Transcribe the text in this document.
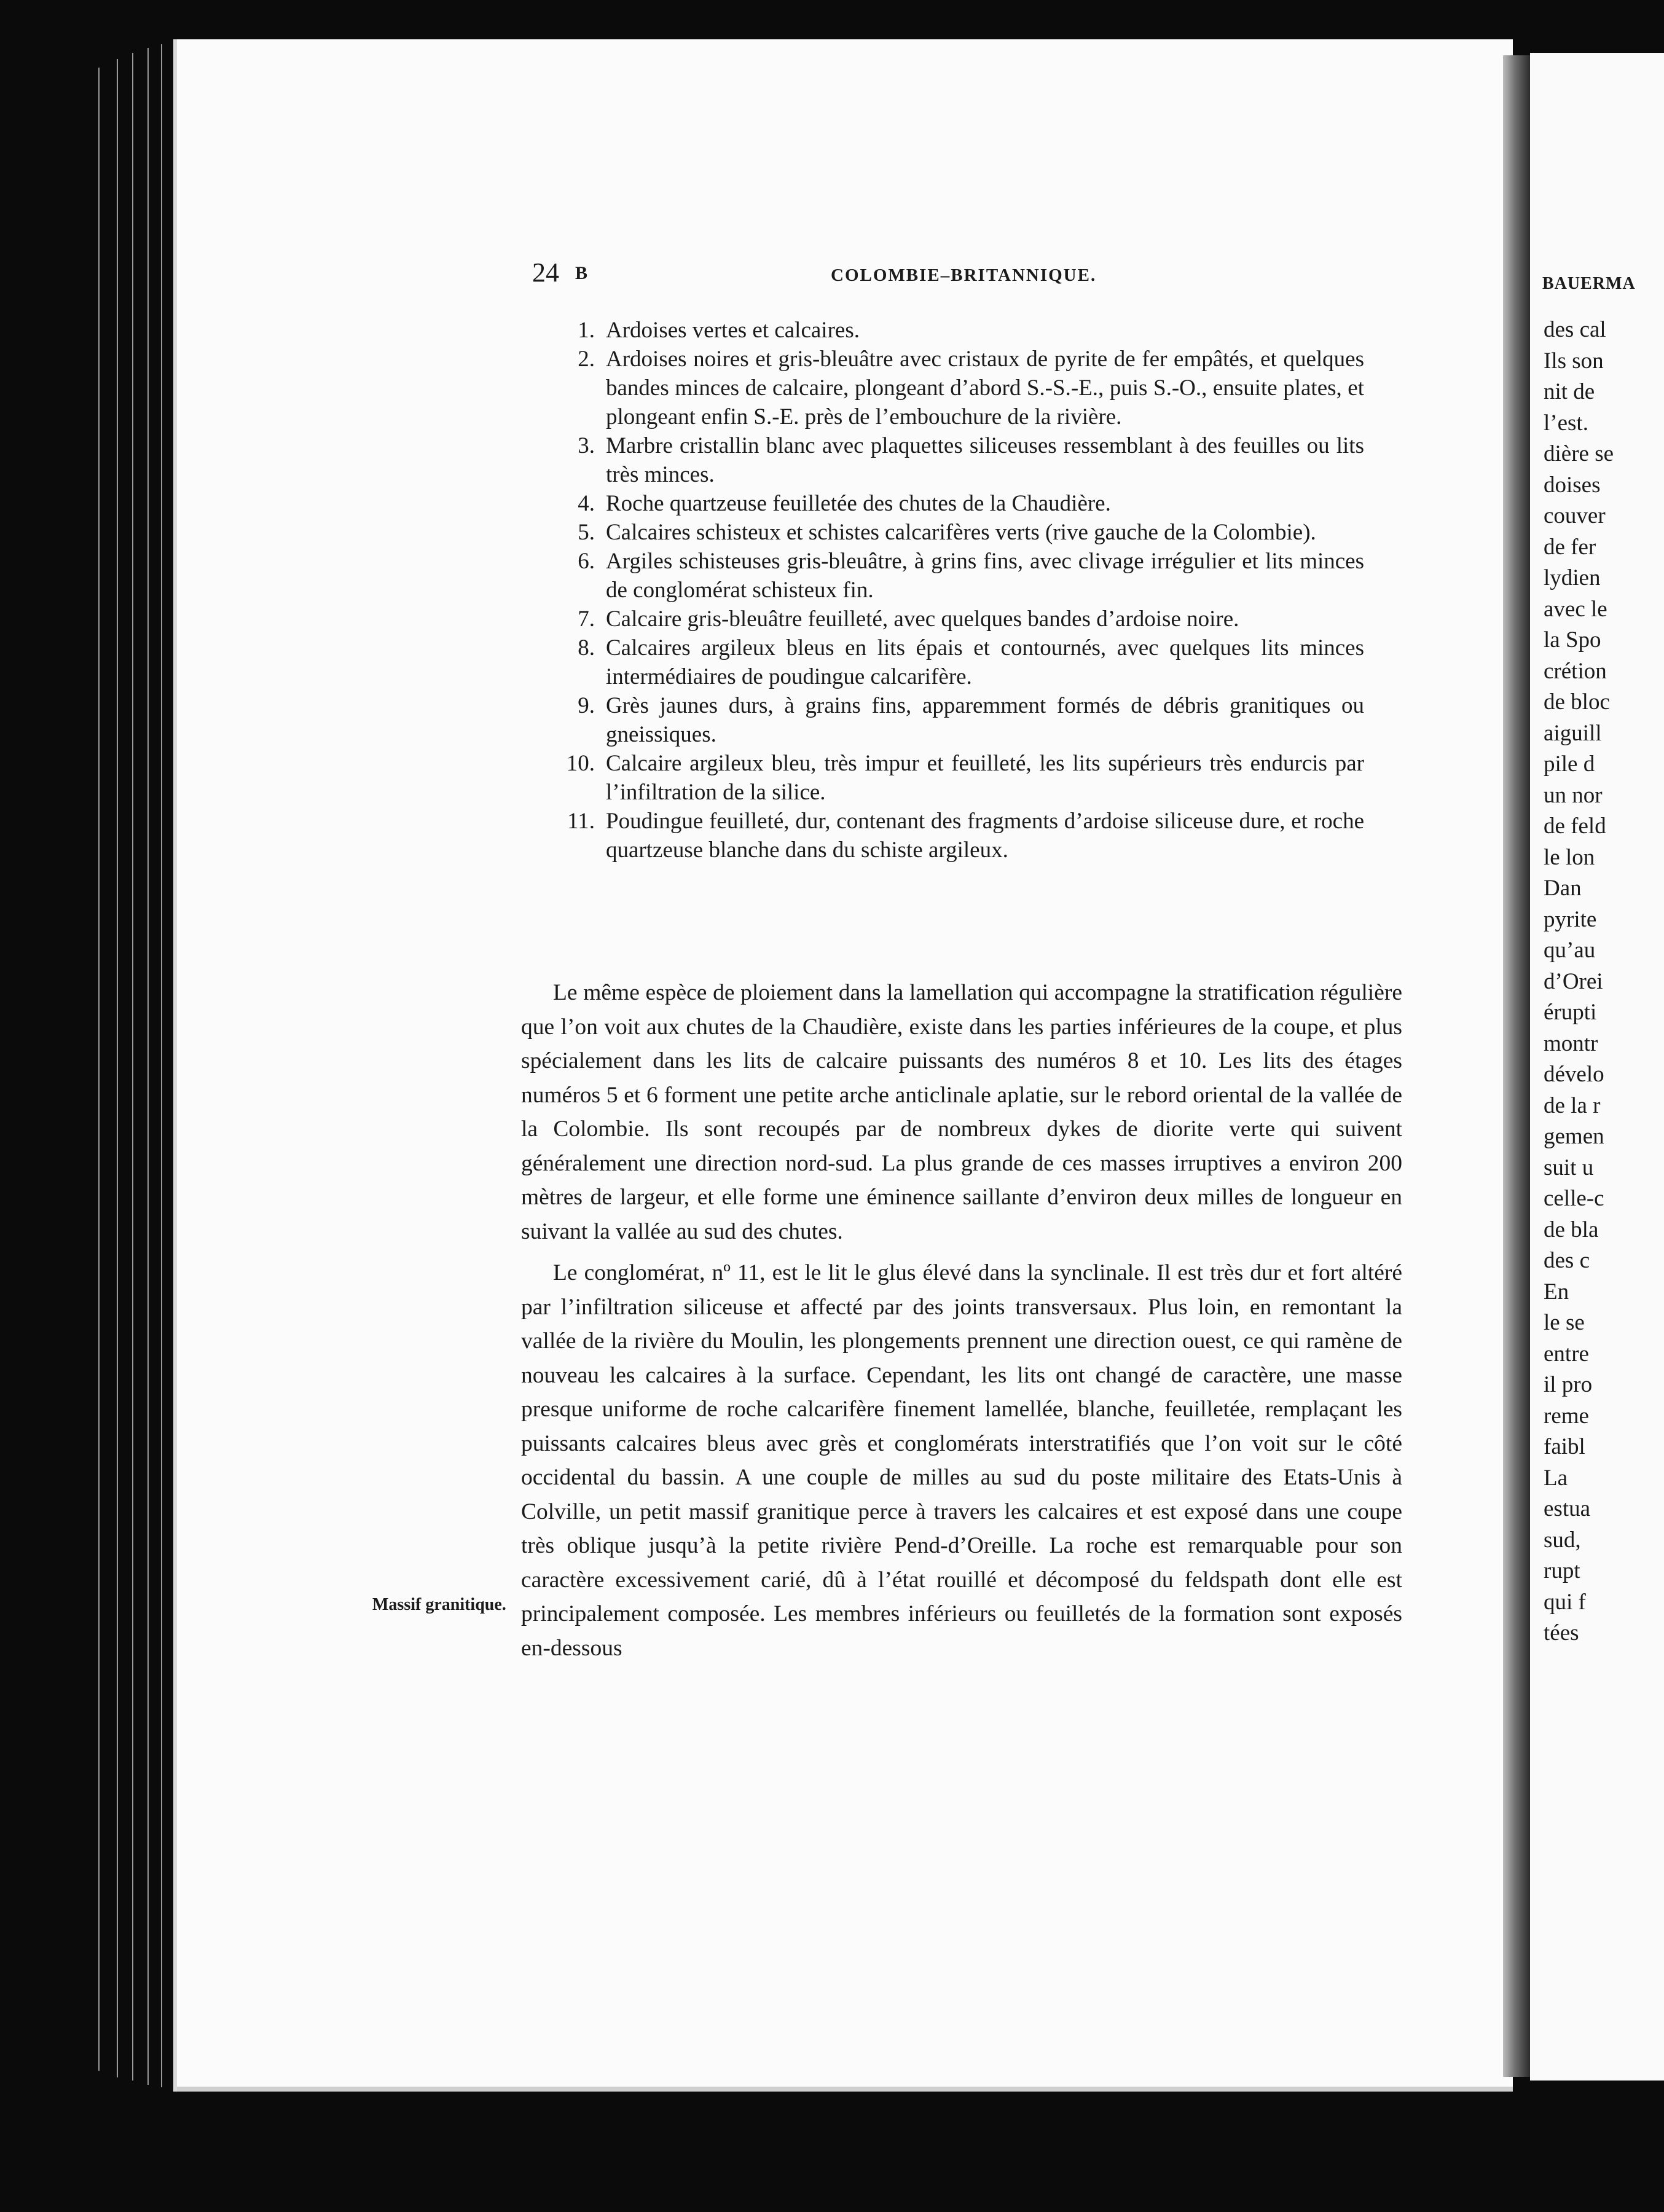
24 B	COLOMBIE–BRITANNIQUE.
1. Ardoises vertes et calcaires.
2. Ardoises noires et gris-bleuâtre avec cristaux de pyrite de fer empâtés, et quelques bandes minces de calcaire, plongeant d’abord S.-S.-E., puis S.-O., ensuite plates, et plongeant enfin S.-E. près de l’embouchure de la rivière.
3. Marbre cristallin blanc avec plaquettes siliceuses ressemblant à des feuilles ou lits très minces.
4. Roche quartzeuse feuilletée des chutes de la Chaudière.
5. Calcaires schisteux et schistes calcarifères verts (rive gauche de la Colombie).
6. Argiles schisteuses gris-bleuâtre, à grins fins, avec clivage irrégulier et lits minces de conglomérat schisteux fin.
7. Calcaire gris-bleuâtre feuilleté, avec quelques bandes d’ardoise noire.
8. Calcaires argileux bleus en lits épais et contournés, avec quelques lits minces intermédiaires de poudingue calcarifère.
9. Grès jaunes durs, à grains fins, apparemment formés de débris granitiques ou gneissiques.
10. Calcaire argileux bleu, très impur et feuilleté, les lits supérieurs très endurcis par l’infiltration de la silice.
11. Poudingue feuilleté, dur, contenant des fragments d’ardoise siliceuse dure, et roche quartzeuse blanche dans du schiste argileux.

Le même espèce de ploiement dans la lamellation qui accompagne la stratification régulière que l’on voit aux chutes de la Chaudière, existe dans les parties inférieures de la coupe, et plus spécialement dans les lits de calcaire puissants des numéros 8 et 10. Les lits des étages numéros 5 et 6 forment une petite arche anticlinale aplatie, sur le rebord oriental de la vallée de la Colombie. Ils sont recoupés par de nombreux dykes de diorite verte qui suivent généralement une direction nord-sud. La plus grande de ces masses irruptives a environ 200 mètres de largeur, et elle forme une éminence saillante d’environ deux milles de longueur en suivant la vallée au sud des chutes.

Le conglomérat, nº 11, est le lit le glus élevé dans la synclinale. Il est très dur et fort altéré par l’infiltration siliceuse et affecté par des joints transversaux. Plus loin, en remontant la vallée de la rivière du Moulin, les plongements prennent une direction ouest, ce qui ramène de nouveau les calcaires à la surface. Cependant, les lits ont changé de caractère, une masse presque uniforme de roche calcarifère finement lamellée, blanche, feuilletée, remplaçant les puissants calcaires bleus avec grès et conglomérats interstratifiés que l’on voit sur le côté occidental du bassin. A une couple de milles au sud du poste militaire des Etats-Unis à Colville, un petit massif granitique perce à travers les calcaires et est exposé dans une coupe très oblique jusqu’à la petite rivière Pend-d’Oreille. La roche est remarquable pour son caractère excessivement carié, dû à l’état rouillé et décomposé du feldspath dont elle est principalement composée. Les membres inférieurs ou feuilletés de la formation sont exposés en-dessous

Massif granitique.
BAUERMA
des cal
Ils son
nit de
l’est.
dière se
doises
couver
de fer
lydien
avec le
la Spo
crétion
de bloc
aiguill
pile d
un nor
de feld
le lon
Dan
pyrite
qu’au
d’Orei
érupti
montr
dévelo
de la r
gemen
suit u
celle-c
de bla
des c
En
le se
entre
il pro
reme
faibl
La
estua
sud,
rupt
qui f
tées
